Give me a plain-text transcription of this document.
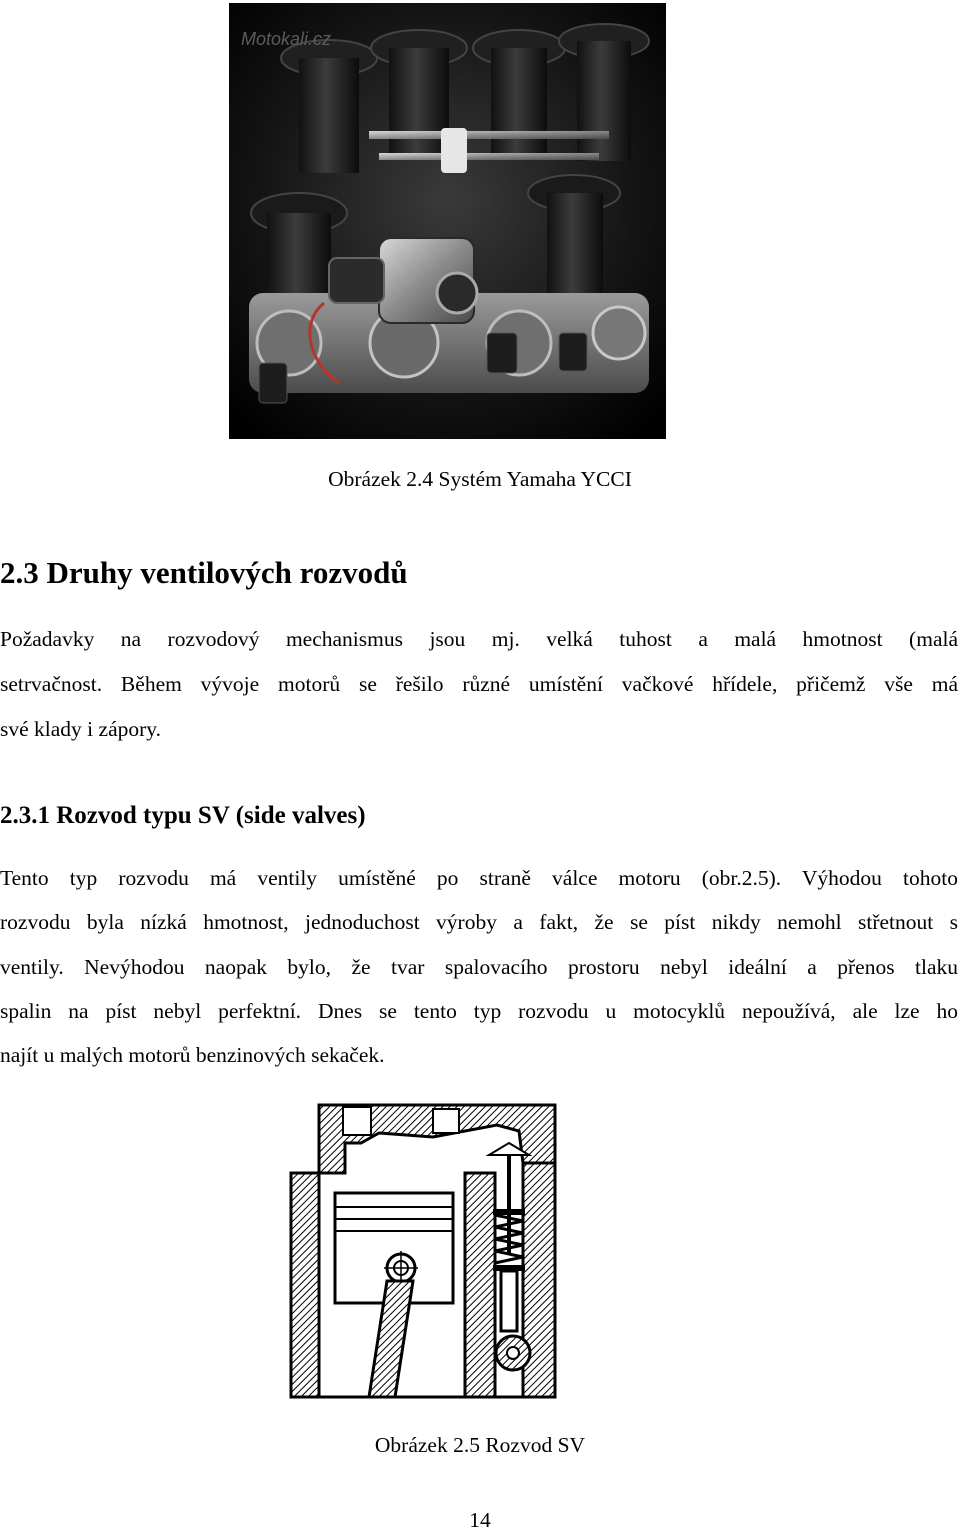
Motokali.cz
Obrázek 2.4 Systém Yamaha YCCI
2.3 Druhy ventilových rozvodů
Požadavky na rozvodový mechanismus jsou mj. velká tuhost a malá hmotnost (malá
setrvačnost. Během vývoje motorů se řešilo různé umístění vačkové hřídele, přičemž vše má
své klady i zápory.
2.3.1 Rozvod typu SV (side valves)
Tento typ rozvodu má ventily umístěné po straně válce motoru (obr.2.5). Výhodou tohoto
rozvodu byla nízká hmotnost, jednoduchost výroby a fakt, že se píst nikdy nemohl střetnout s
ventily. Nevýhodou naopak bylo, že tvar spalovacího prostoru nebyl ideální a přenos tlaku
spalin na píst nebyl perfektní. Dnes se tento typ rozvodu u motocyklů nepoužívá, ale lze ho
najít u malých motorů benzinových sekaček.
Obrázek 2.5 Rozvod SV
14
